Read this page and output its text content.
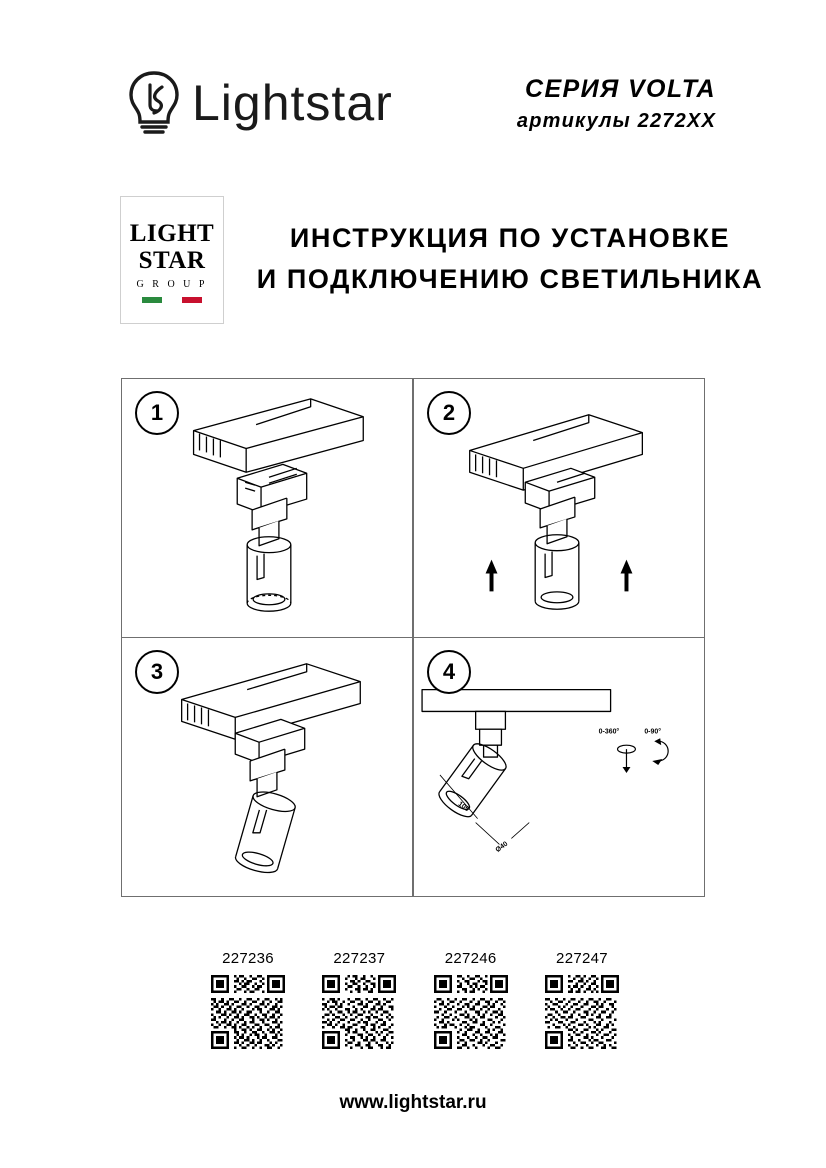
Lightstar	СЕРИЯ VOLTA
артикулы 2272XX
LIGHT
STAR
G R O U P
ИНСТРУКЦИЯ ПО УСТАНОВКЕ
И ПОДКЛЮЧЕНИЮ СВЕТИЛЬНИКА
1	2
3	4
0-360°	0-90°
105
Ø40
227236	227237	227246	227247
www.lightstar.ru
